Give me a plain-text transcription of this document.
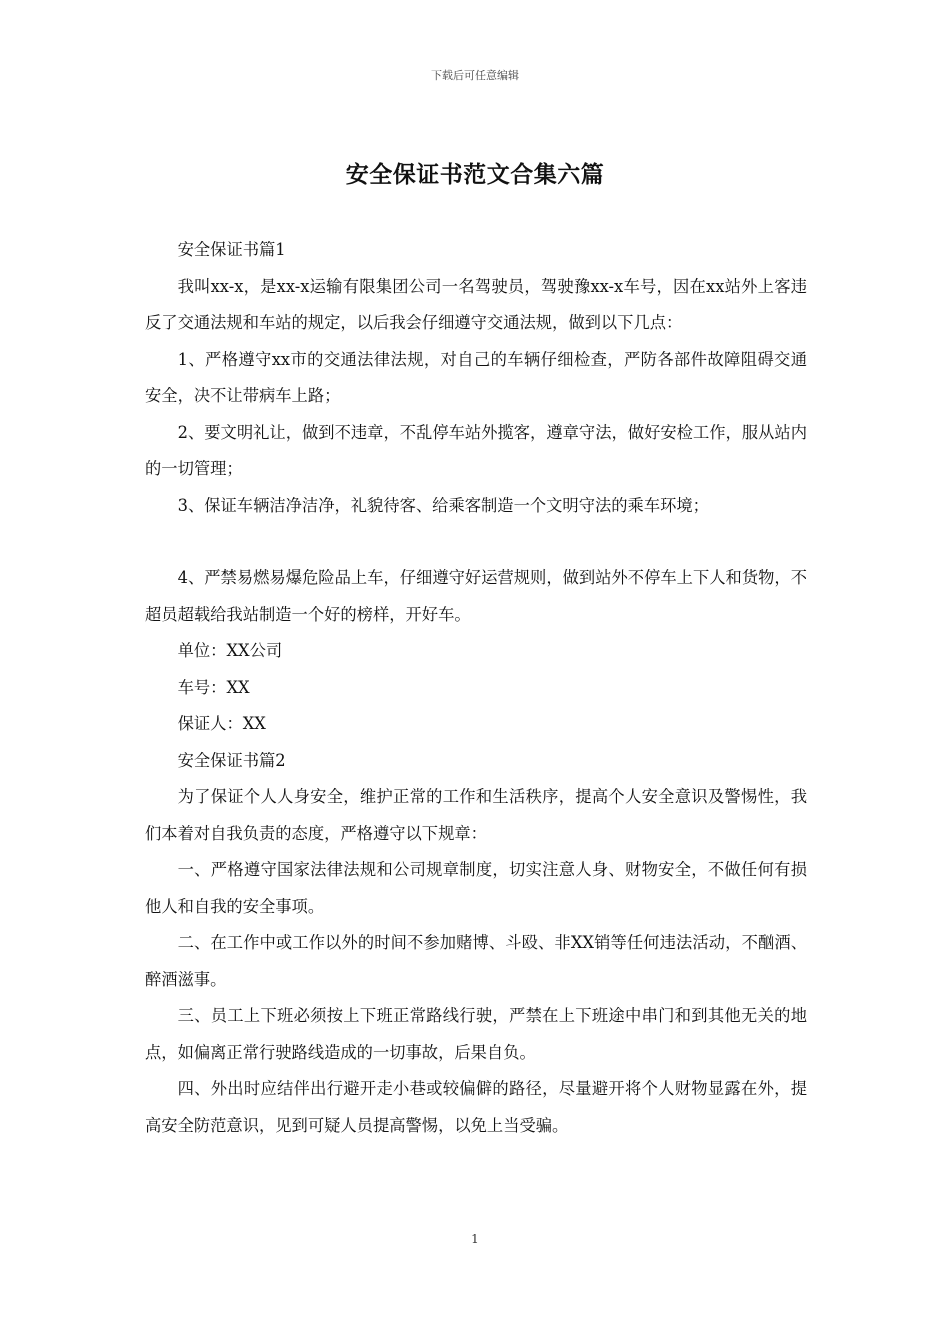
下载后可任意编辑
安全保证书范文合集六篇

安全保证书篇1

我叫xx-x，是xx-x运输有限集团公司一名驾驶员，驾驶豫xx-x车号，因在xx站外上客违反了交通法规和车站的规定，以后我会仔细遵守交通法规，做到以下几点：

1、严格遵守xx市的交通法律法规，对自己的车辆仔细检查，严防各部件故障阻碍交通安全，决不让带病车上路；

2、要文明礼让，做到不违章，不乱停车站外揽客，遵章守法，做好安检工作，服从站内的一切管理；

3、保证车辆洁净洁净，礼貌待客、给乘客制造一个文明守法的乘车环境；

4、严禁易燃易爆危险品上车，仔细遵守好运营规则，做到站外不停车上下人和货物，不超员超载给我站制造一个好的榜样，开好车。

单位：XX公司

车号：XX

保证人：XX

安全保证书篇2

为了保证个人人身安全，维护正常的工作和生活秩序，提高个人安全意识及警惕性，我们本着对自我负责的态度，严格遵守以下规章：

一、严格遵守国家法律法规和公司规章制度，切实注意人身、财物安全，不做任何有损他人和自我的安全事项。

二、在工作中或工作以外的时间不参加赌博、斗殴、非XX销等任何违法活动，不酗酒、醉酒滋事。

三、员工上下班必须按上下班正常路线行驶，严禁在上下班途中串门和到其他无关的地点，如偏离正常行驶路线造成的一切事故，后果自负。

四、外出时应结伴出行避开走小巷或较偏僻的路径，尽量避开将个人财物显露在外，提高安全防范意识，见到可疑人员提高警惕，以免上当受骗。

1
